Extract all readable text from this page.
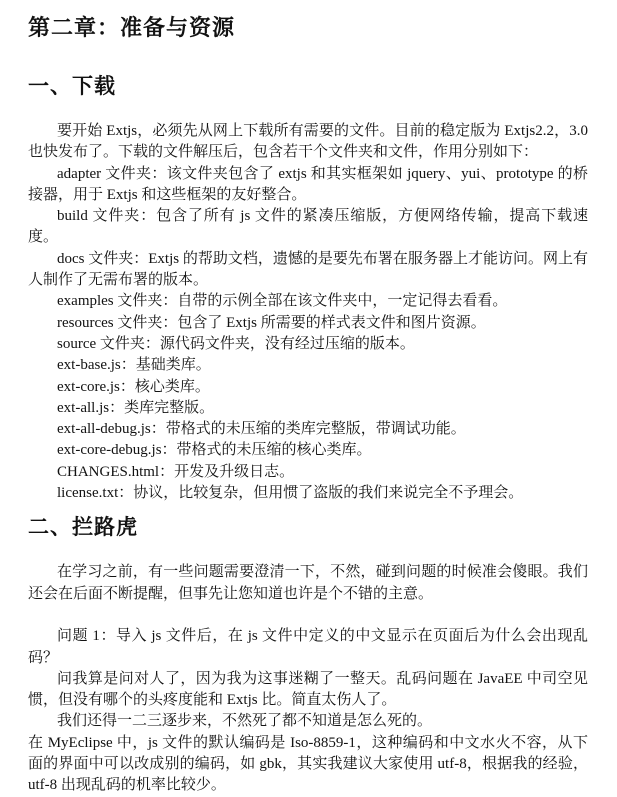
第二章：准备与资源
一、下载

要开始 Extjs，必须先从网上下载所有需要的文件。目前的稳定版为 Extjs2.2，3.0 也快发布了。下载的文件解压后，包含若干个文件夹和文件，作用分别如下：

adapter 文件夹：该文件夹包含了 extjs 和其实框架如 jquery、yui、prototype 的桥接器，用于 Extjs 和这些框架的友好整合。

build 文件夹：包含了所有 js 文件的紧凑压缩版，方便网络传输，提高下载速度。

docs 文件夹：Extjs 的帮助文档，遗憾的是要先布署在服务器上才能访问。网上有人制作了无需布署的版本。

examples 文件夹：自带的示例全部在该文件夹中，一定记得去看看。

resources 文件夹：包含了 Extjs 所需要的样式表文件和图片资源。

source 文件夹：源代码文件夹，没有经过压缩的版本。

ext-base.js：基础类库。

ext-core.js：核心类库。

ext-all.js：类库完整版。

ext-all-debug.js：带格式的未压缩的类库完整版，带调试功能。

ext-core-debug.js：带格式的未压缩的核心类库。

CHANGES.html：开发及升级日志。

license.txt：协议，比较复杂，但用惯了盗版的我们来说完全不予理会。

二、拦路虎

在学习之前，有一些问题需要澄清一下，不然，碰到问题的时候准会傻眼。我们还会在后面不断提醒，但事先让您知道也许是个不错的主意。

问题 1：导入 js 文件后，在 js 文件中定义的中文显示在页面后为什么会出现乱码？

问我算是问对人了，因为我为这事迷糊了一整天。乱码问题在 JavaEE 中司空见惯，但没有哪个的头疼度能和 Extjs 比。简直太伤人了。

我们还得一二三逐步来，不然死了都不知道是怎么死的。

在 MyEclipse 中，js 文件的默认编码是 Iso-8859-1，这种编码和中文水火不容，从下面的界面中可以改成别的编码，如 gbk，其实我建议大家使用 utf-8，根据我的经验，utf-8 出现乱码的机率比较少。
